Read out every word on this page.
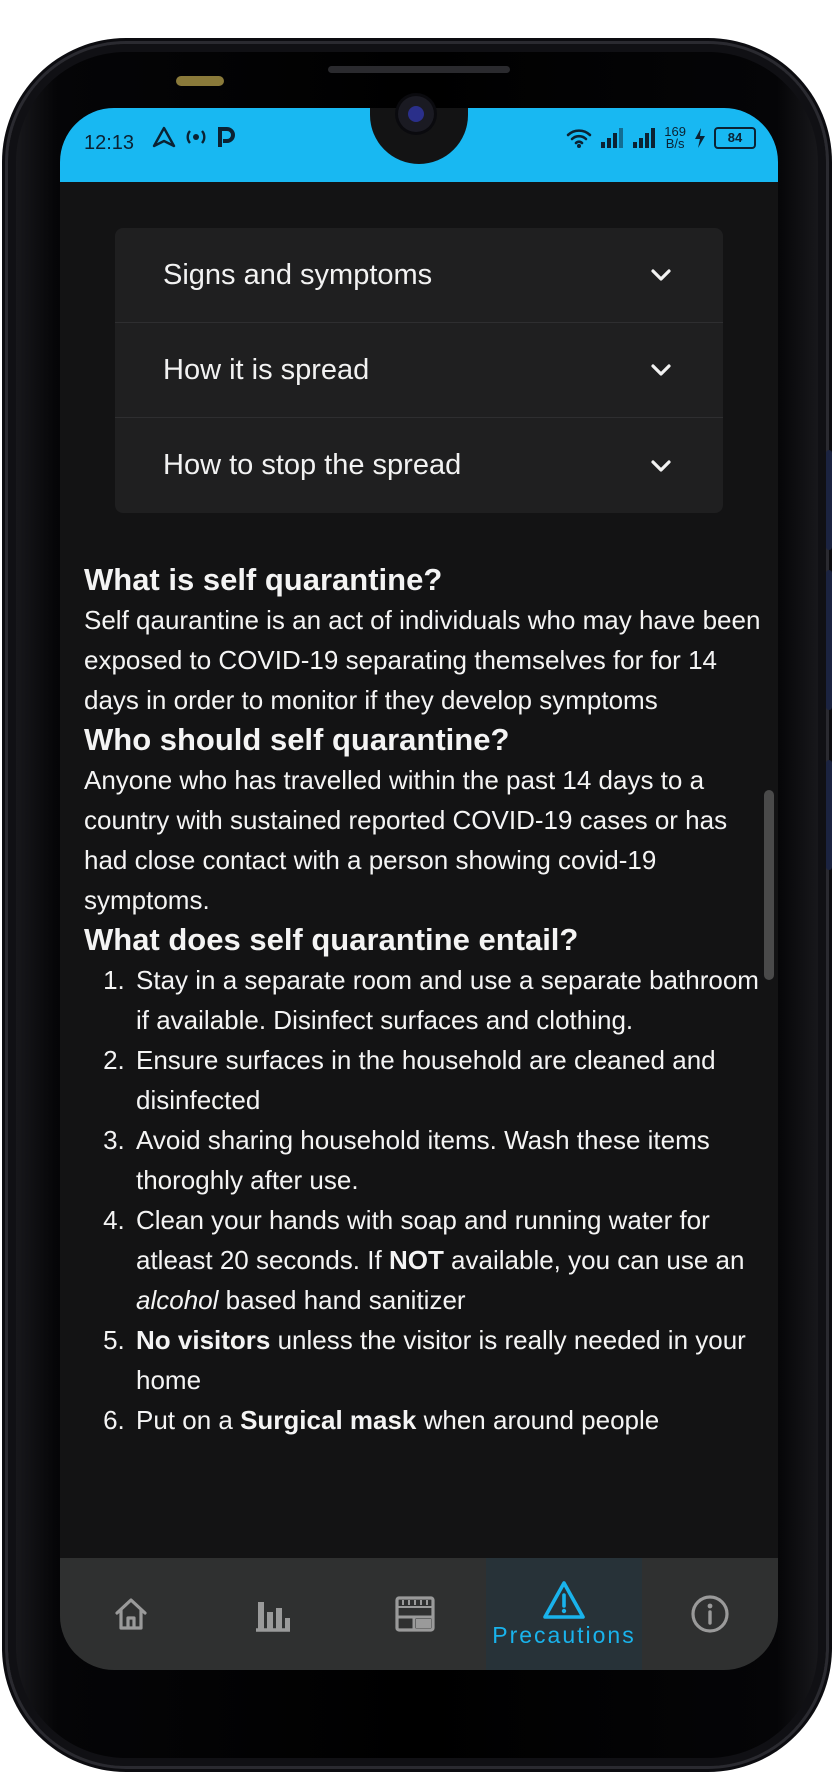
12:13
169
B/s	84
Signs and symptoms
How it is spread
How to stop the spread
What is self quarantine?

Self qaurantine is an act of individuals who may have been exposed to COVID-19 separating themselves for for 14 days in order to monitor if they develop symptoms

Who should self quarantine?

Anyone who has travelled within the past 14 days to a country with sustained reported COVID-19 cases or has had close contact with a person showing covid-19 symptoms.

What does self quarantine entail?
1. Stay in a separate room and use a separate bathroom if available. Disinfect surfaces and clothing.
2. Ensure surfaces in the household are cleaned and disinfected
3. Avoid sharing household items. Wash these items thoroghly after use.
4. Clean your hands with soap and running water for atleast 20 seconds. If NOT available, you can use an alcohol based hand sanitizer
5. No visitors unless the visitor is really needed in your home
6. Put on a Surgical mask when around people
Precautions
